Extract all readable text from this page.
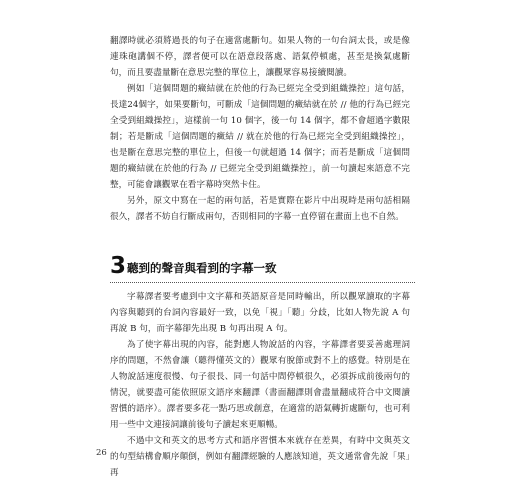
翻譯時就必須將過長的句子在適當處斷句。如果人物的一句台詞太長，或是像連珠砲講個不停，譯者便可以在語意段落處、語氣停頓處，甚至是換氣處斷句，而且要盡量斷在意思完整的單位上，讓觀眾容易接續閱讀。

例如「這個問題的癥結就在於他的行為已經完全受到組織操控」這句話，長達24個字，如果要斷句，可斷成「這個問題的癥結就在於 // 他的行為已經完全受到組織操控」，這樣前一句 10 個字，後一句 14 個字，都不會超過字數限制；若是斷成「這個問題的癥結 // 就在於他的行為已經完全受到組織操控」，也是斷在意思完整的單位上，但後一句就超過 14 個字；而若是斷成「這個問題的癥結就在於他的行為 // 已經完全受到組織操控」，前一句讀起來語意不完整，可能會讓觀眾在看字幕時突然卡住。

另外，原文中寫在一起的兩句話，若是實際在影片中出現時是兩句話相隔很久，譯者不妨自行斷成兩句，否則相同的字幕一直停留在畫面上也不自然。

3 聽到的聲音與看到的字幕一致

字幕譯者要考慮到中文字幕和英語原音是同時輸出，所以觀眾讀取的字幕內容與聽到的台詞內容最好一致，以免「視」「聽」分歧，比如人物先說 A 句再說 B 句，而字幕卻先出現 B 句再出現 A 句。

為了使字幕出現的內容，能對應人物說話的內容，字幕譯者要妥善處理詞序的問題，不然會讓（聽得懂英文的）觀眾有脫節或對不上的感覺。特別是在人物說話速度很慢、句子很長、同一句話中間停頓很久，必須拆成前後兩句的情況，就要盡可能依照原文語序來翻譯（書面翻譯則會盡量翻成符合中文閱讀習慣的語序）。譯者要多花一點巧思或創意，在適當的語氣轉折處斷句，也可利用一些中文連接詞讓前後句子讀起來更順暢。

不過中文和英文的思考方式和語序習慣本來就存在差異，有時中文與英文的句型結構會順序顛倒，例如有翻譯經驗的人應該知道，英文通常會先說「果」再

26
